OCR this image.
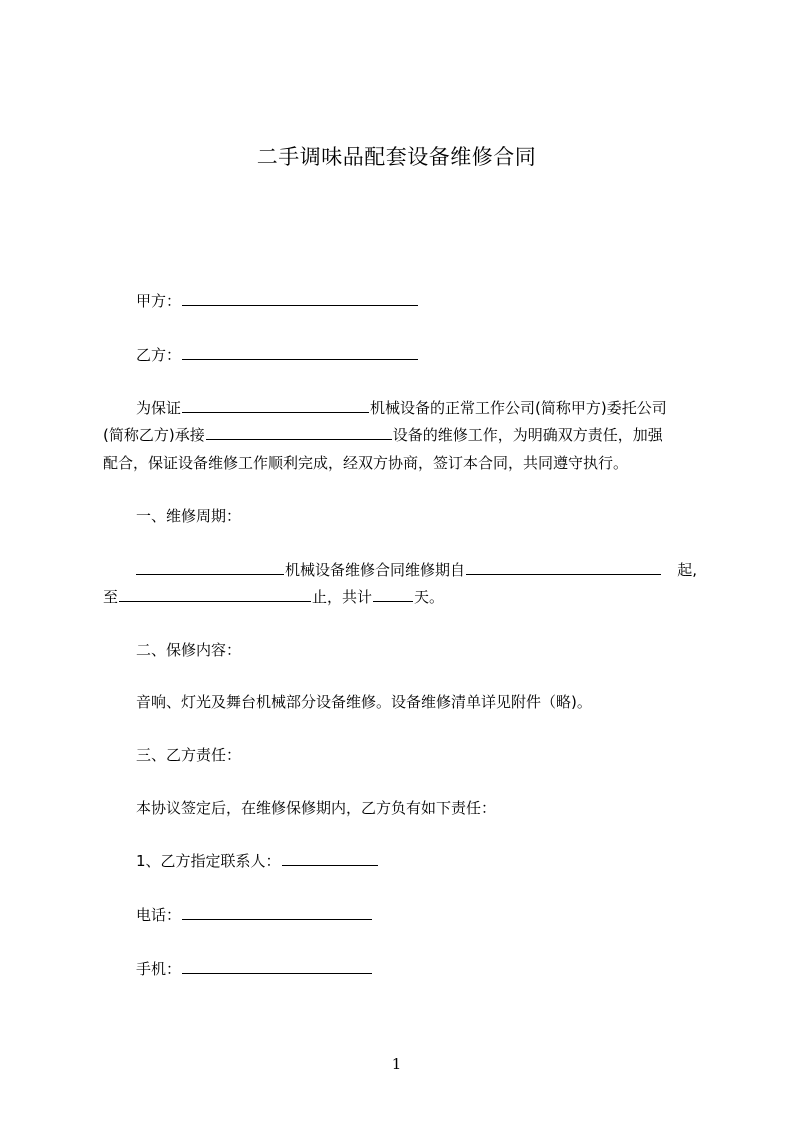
二手调味品配套设备维修合同
甲方：
乙方：
为保证	机械设备的正常工作公司(简称甲方)委托公司
(简称乙方)承接	设备的维修工作，为明确双方责任，加强
配合，保证设备维修工作顺利完成，经双方协商，签订本合同，共同遵守执行。
一、维修周期：
机械设备维修合同维修期自	起,
至	止，共计	天。
二、保修内容：
音响、灯光及舞台机械部分设备维修。设备维修清单详见附件（略)。
三、乙方责任：
本协议签定后，在维修保修期内，乙方负有如下责任：
1、乙方指定联系人：
电话：
手机：
1
